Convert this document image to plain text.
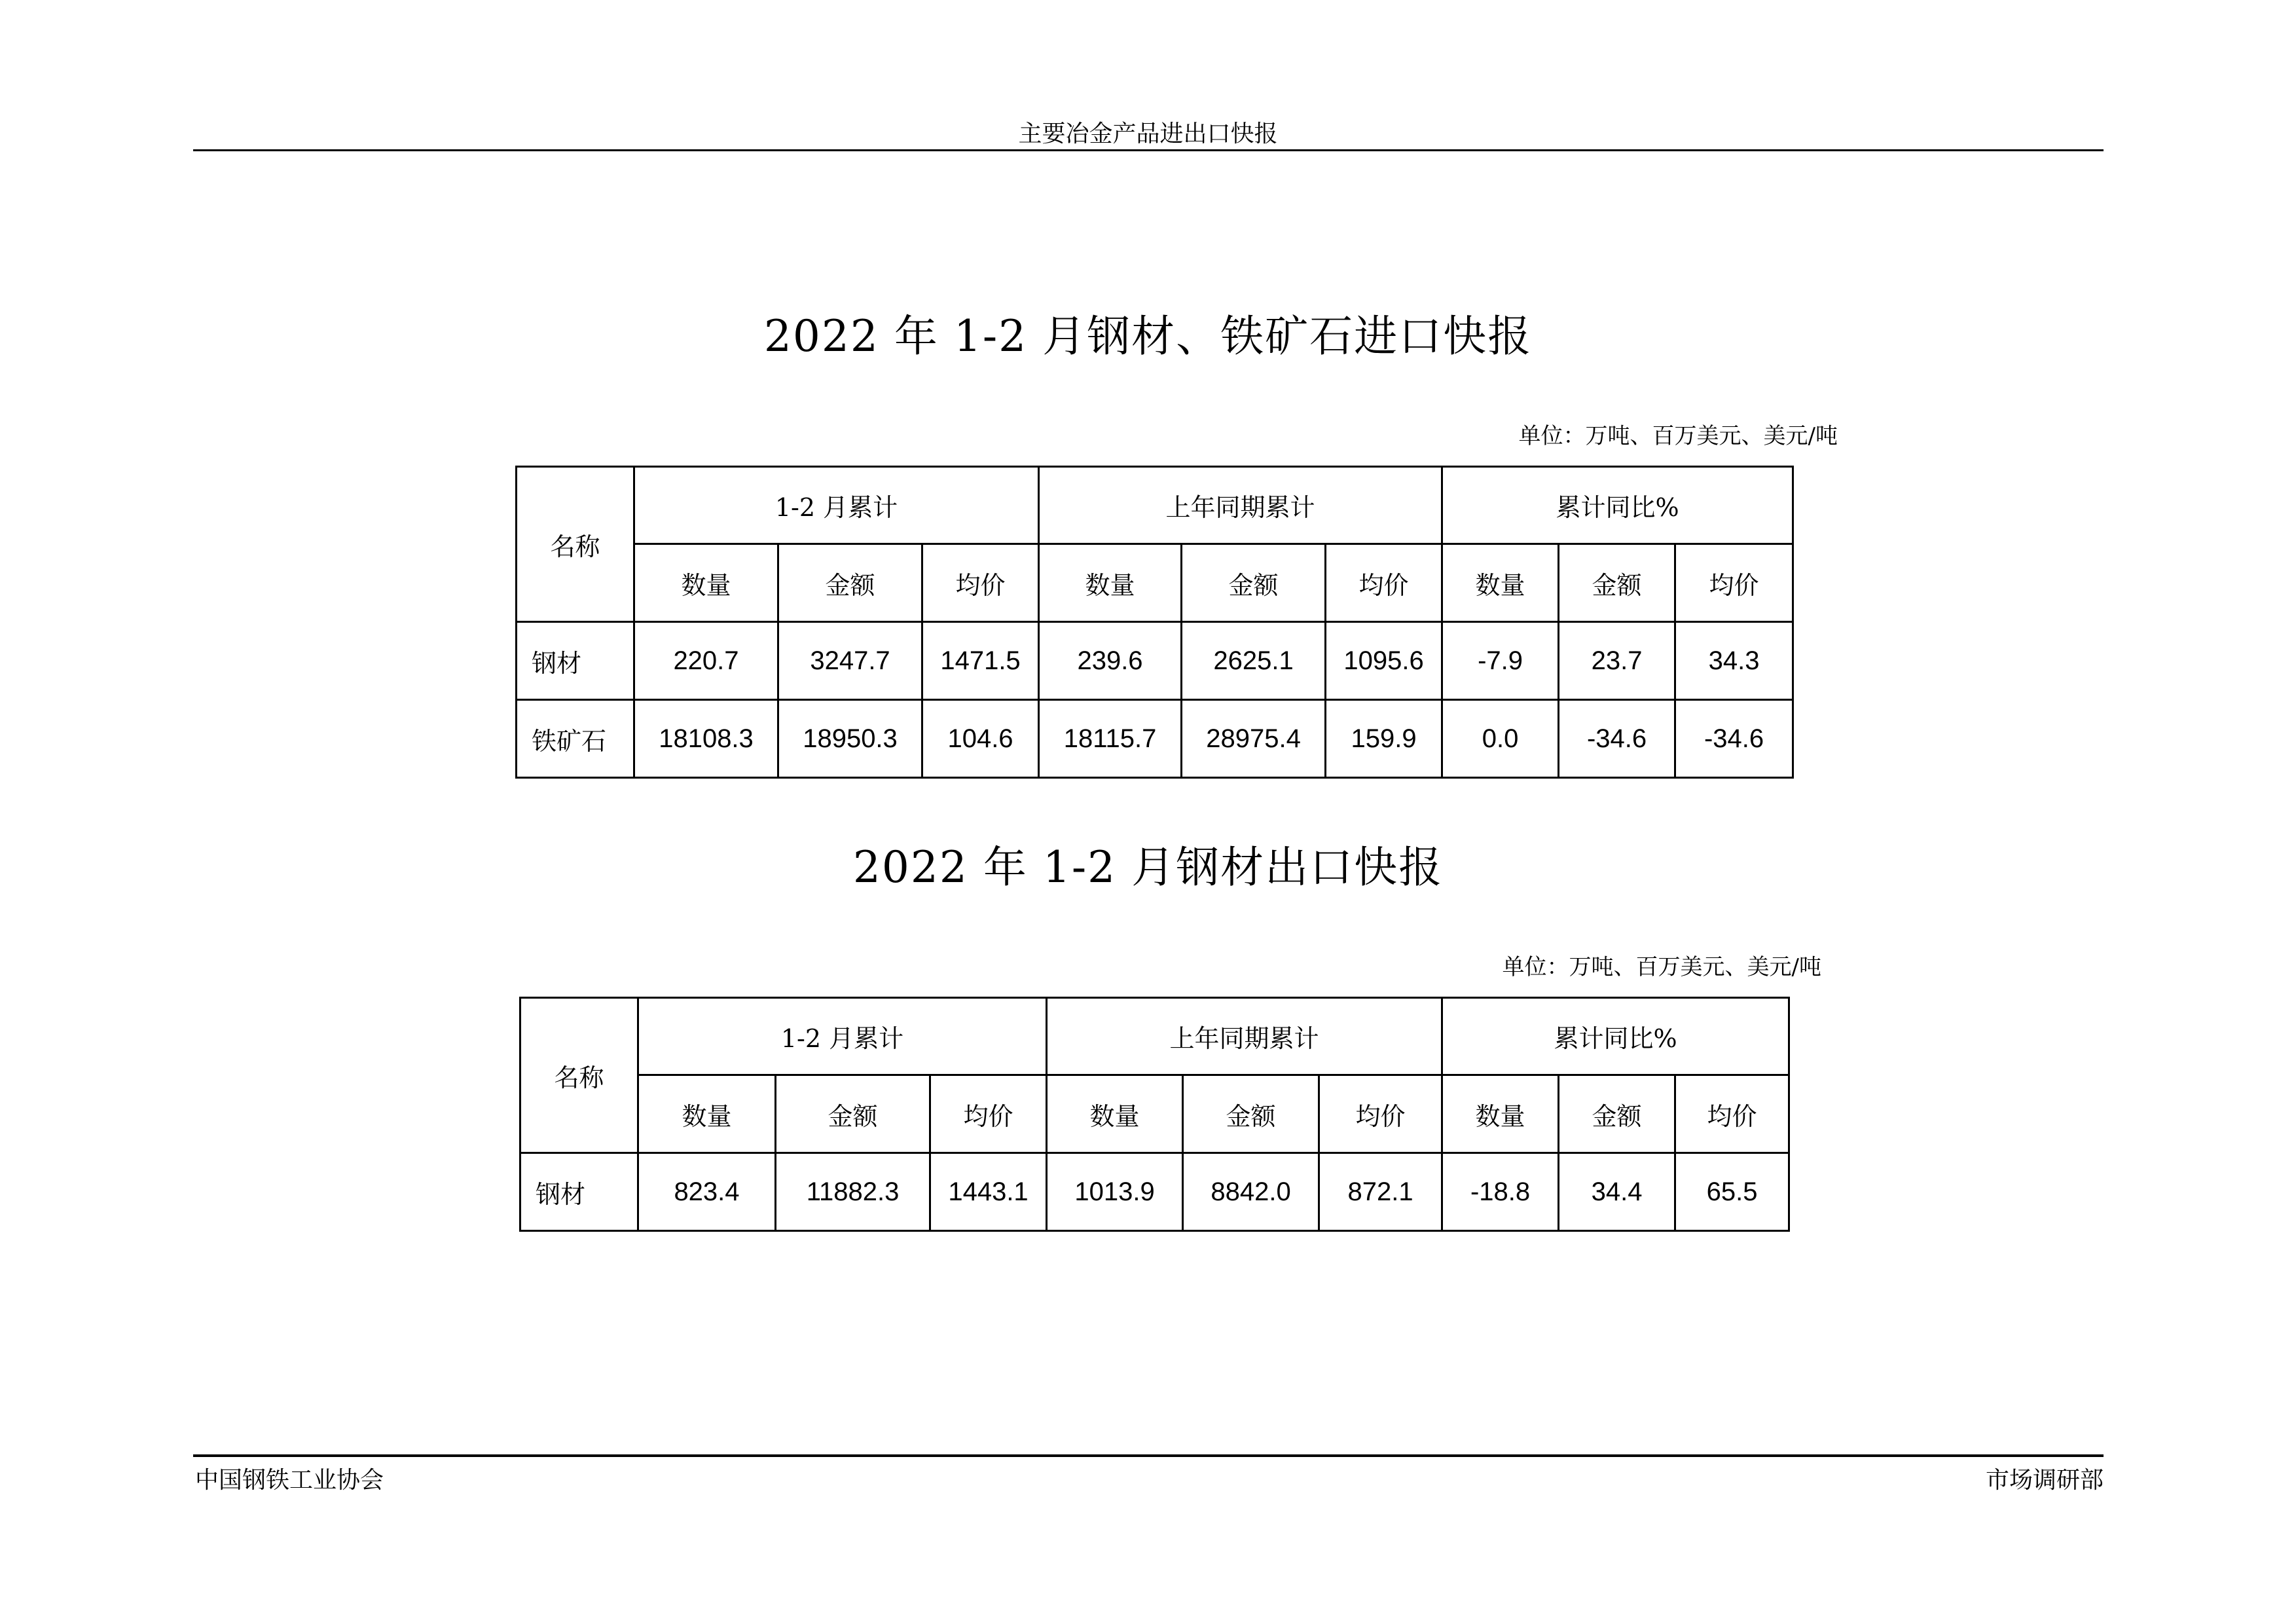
主要冶金产品进出口快报
2022 年 1-2 月钢材、铁矿石进口快报
单位：万吨、百万美元、美元/吨
名称	1-2 月累计			上年同期累计			累计同比%		
	数量	金额	均价	数量	金额	均价	数量	金额	均价
钢材	220.7	3247.7	1471.5	239.6	2625.1	1095.6	-7.9	23.7	34.3
铁矿石	18108.3	18950.3	104.6	18115.7	28975.4	159.9	0.0	-34.6	-34.6
2022 年 1-2 月钢材出口快报
单位：万吨、百万美元、美元/吨
名称	1-2 月累计			上年同期累计			累计同比%		
	数量	金额	均价	数量	金额	均价	数量	金额	均价
钢材	823.4	11882.3	1443.1	1013.9	8842.0	872.1	-18.8	34.4	65.5
中国钢铁工业协会	市场调研部
